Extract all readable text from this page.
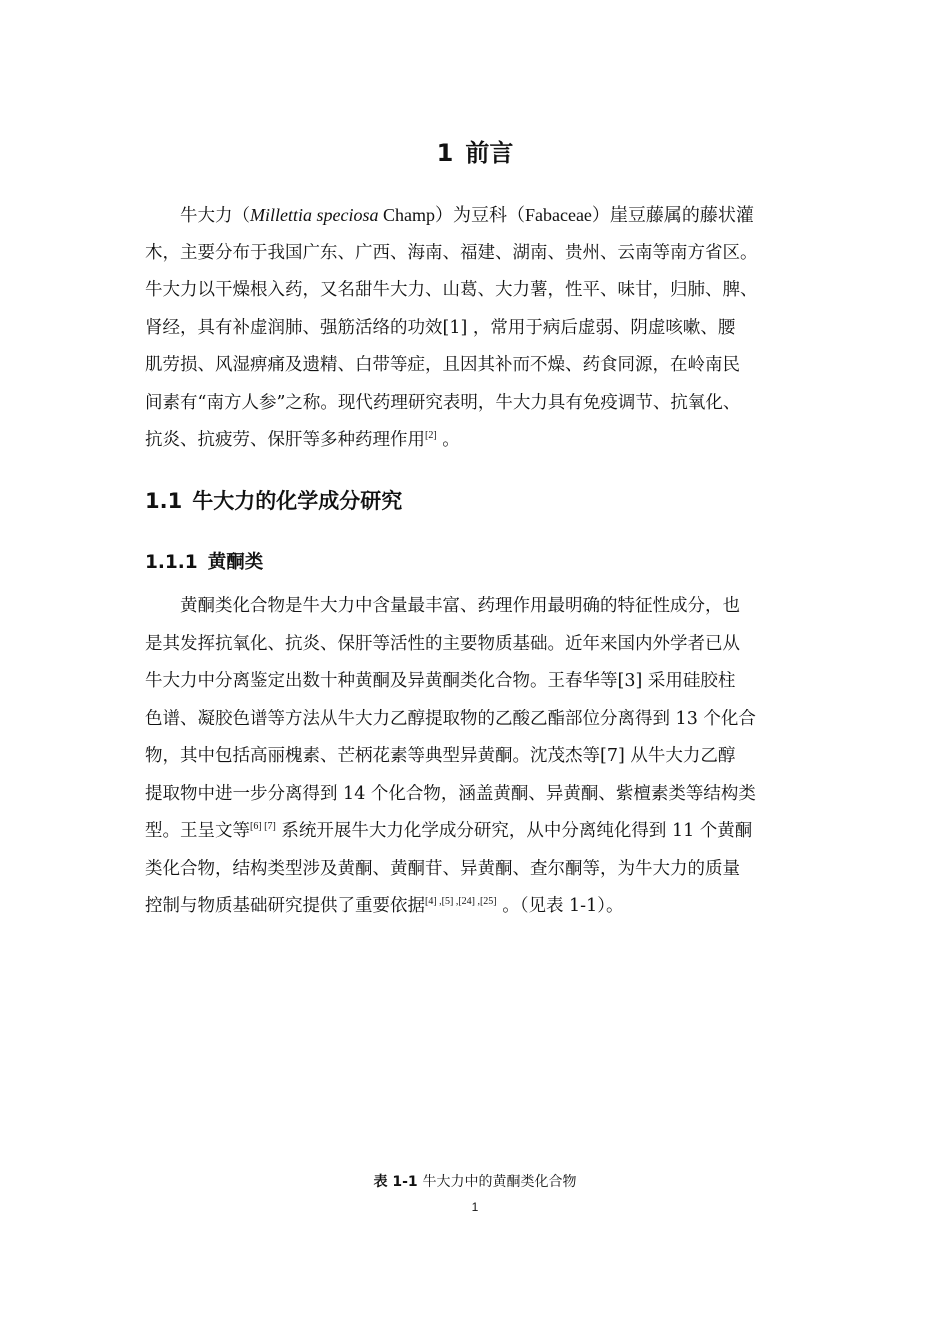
1 前言
牛大力（Millettia speciosa Champ）为豆科（Fabaceae）崖豆藤属的藤状灌
木，主要分布于我国广东、广西、海南、福建、湖南、贵州、云南等南方省区。
牛大力以干燥根入药，又名甜牛大力、山葛、大力薯，性平、味甘，归肺、脾、
肾经，具有补虚润肺、强筋活络的功效[1] ，常用于病后虚弱、阴虚咳嗽、腰
肌劳损、风湿痹痛及遗精、白带等症，且因其补而不燥、药食同源，在岭南民
间素有“南方人参”之称。现代药理研究表明，牛大力具有免疫调节、抗氧化、
抗炎、抗疲劳、保肝等多种药理作用[2] 。
1.1 牛大力的化学成分研究
1.1.1 黄酮类
黄酮类化合物是牛大力中含量最丰富、药理作用最明确的特征性成分，也
是其发挥抗氧化、抗炎、保肝等活性的主要物质基础。近年来国内外学者已从
牛大力中分离鉴定出数十种黄酮及异黄酮类化合物。王春华等[3] 采用硅胶柱
色谱、凝胶色谱等方法从牛大力乙醇提取物的乙酸乙酯部位分离得到 13 个化合
物，其中包括高丽槐素、芒柄花素等典型异黄酮。沈茂杰等[7] 从牛大力乙醇
提取物中进一步分离得到 14 个化合物，涵盖黄酮、异黄酮、紫檀素类等结构类
型。王呈文等[6] [7] 系统开展牛大力化学成分研究，从中分离纯化得到 11 个黄酮
类化合物，结构类型涉及黄酮、黄酮苷、异黄酮、查尔酮等，为牛大力的质量
控制与物质基础研究提供了重要依据[4] ,[5] ,[24] ,[25] 。（见表 1-1）。

表 1-1 牛大力中的黄酮类化合物

1
